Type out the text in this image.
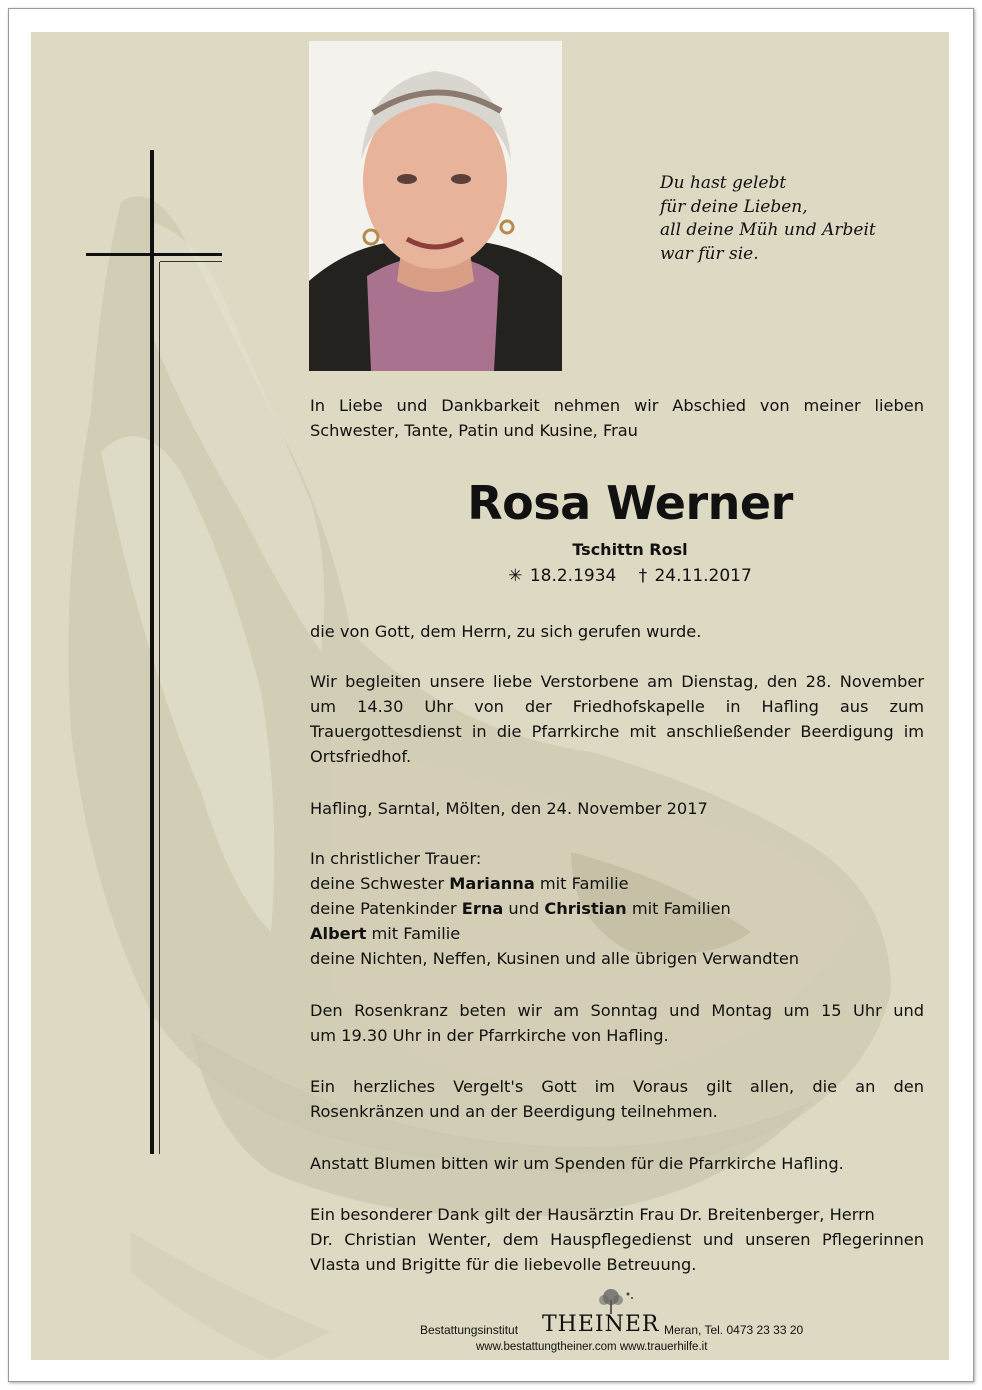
Du hast gelebt
für deine Lieben,
all deine Müh und Arbeit
war für sie.
In Liebe und Dankbarkeit nehmen wir Abschied von meiner lieben
Schwester, Tante, Patin und Kusine, Frau
Rosa Werner
Tschittn Rosl
✳ 18.2.1934 † 24.11.2017
die von Gott, dem Herrn, zu sich gerufen wurde.
Wir begleiten unsere liebe Verstorbene am Dienstag, den 28. November
um 14.30 Uhr von der Friedhofskapelle in Hafling aus zum
Trauergottesdienst in die Pfarrkirche mit anschließender Beerdigung im
Ortsfriedhof.
Hafling, Sarntal, Mölten, den 24. November 2017
In christlicher Trauer:
deine Schwester Marianna mit Familie
deine Patenkinder Erna und Christian mit Familien
Albert mit Familie
deine Nichten, Neffen, Kusinen und alle übrigen Verwandten
Den Rosenkranz beten wir am Sonntag und Montag um 15 Uhr und
um 19.30 Uhr in der Pfarrkirche von Hafling.
Ein herzliches Vergelt's Gott im Voraus gilt allen, die an den
Rosenkränzen und an der Beerdigung teilnehmen.
Anstatt Blumen bitten wir um Spenden für die Pfarrkirche Hafling.
Ein besonderer Dank gilt der Hausärztin Frau Dr. Breitenberger, Herrn
Dr. Christian Wenter, dem Hauspflegedienst und unseren Pflegerinnen
Vlasta und Brigitte für die liebevolle Betreuung.
Bestattungsinstitut THEINER Meran, Tel. 0473 23 33 20
www.bestattungtheiner.com www.trauerhilfe.it
